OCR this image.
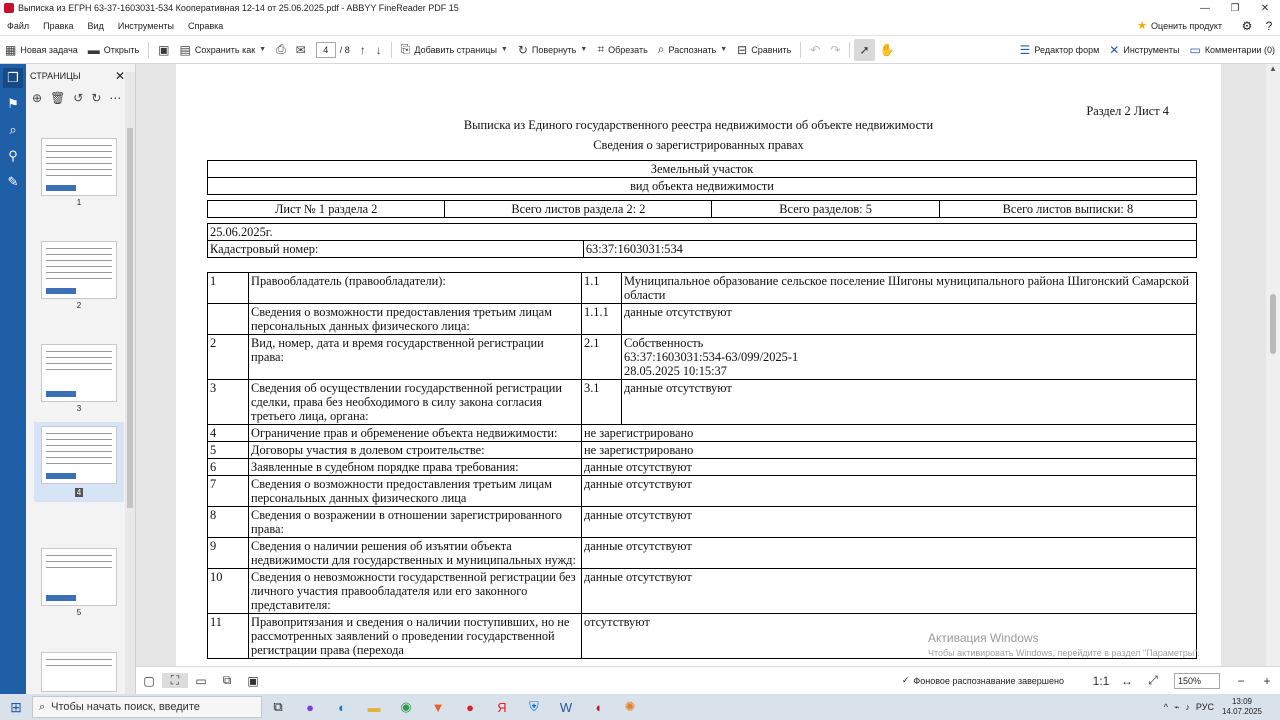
Выписка из ЕГРН 63-37-1603031-534 Кооперативная 12-14 от 25.06.2025.pdf - ABBYY FineReader PDF 15	—	❐	✕
Файл	Правка	Вид	Инструменты	Справка	★ Оценить продукт	⚙	?
▦ Новая задача ▬ Открыть ▣ ▤ Сохранить как ▼ ⎙ ✉	4	/ 8 ↑ ↓ ⎘ Добавить страницы ▼ ↻ Повернуть ▼ ⌗ Обрезать ⌕ Распознать ▼ ⊟ Сравнить ↶ ↷ ➚ ✋	☰ Редактор форм ✕ Инструменты ▭ Комментарии (0)
❐
⚑
⌕
⚲
✎
СТРАНИЦЫ	✕
⊕ 🗑 ↺ ↻ ⋯
1
2
3
4
5
Раздел 2 Лист 4
Выписка из Единого государственного реестра недвижимости об объекте недвижимости
Сведения о зарегистрированных правах
Земельный участок
вид объекта недвижимости
Лист № 1 раздела 2	Всего листов раздела 2: 2	Всего разделов: 5	Всего листов выписки: 8
25.06.2025г.
Кадастровый номер:	63:37:1603031:534
1	Правообладатель (правообладатели):	1.1	Муниципальное образование сельское поселение Шигоны муниципального района Шигонский Самарской области
	Сведения о возможности предоставления третьим лицам персональных данных физического лица:	1.1.1	данные отсутствуют
2	Вид, номер, дата и время государственной регистрации права:	2.1	Собственность
63:37:1603031:534-63/099/2025-1
28.05.2025 10:15:37
3	Сведения об осуществлении государственной регистрации сделки, права без необходимого в силу закона согласия третьего лица, органа:	3.1	данные отсутствуют
4	Ограничение прав и обременение объекта недвижимости:	не зарегистрировано	
5	Договоры участия в долевом строительстве:	не зарегистрировано	
6	Заявленные в судебном порядке права требования:	данные отсутствуют	
7	Сведения о возможности предоставления третьим лицам персональных данных физического лица	данные отсутствуют	
8	Сведения о возражении в отношении зарегистрированного права:	данные отсутствуют	
9	Сведения о наличии решения об изъятии объекта недвижимости для государственных и муниципальных нужд:	данные отсутствуют	
10	Сведения о невозможности государственной регистрации без личного участия правообладателя или его законного представителя:	данные отсутствуют	
11	Правопритязания и сведения о наличии поступивших, но не рассмотренных заявлений о проведении государственной регистрации права (перехода	отсутствуют	
▲
Активация Windows
Чтобы активировать Windows, перейдите в раздел "Параметры".
▢	⛶	▭	⧉	▣	✓ Фоновое распознавание завершено	1:1 ↔	⤢	150%	−	+
⊞	⌕ Чтобы начать поиск, введите	⧉	●	◐	▬	◉	▼	●	Я	⛨	W	◖	✺	^ ⌁ ♪ РУС
13:09
14.07.2025
